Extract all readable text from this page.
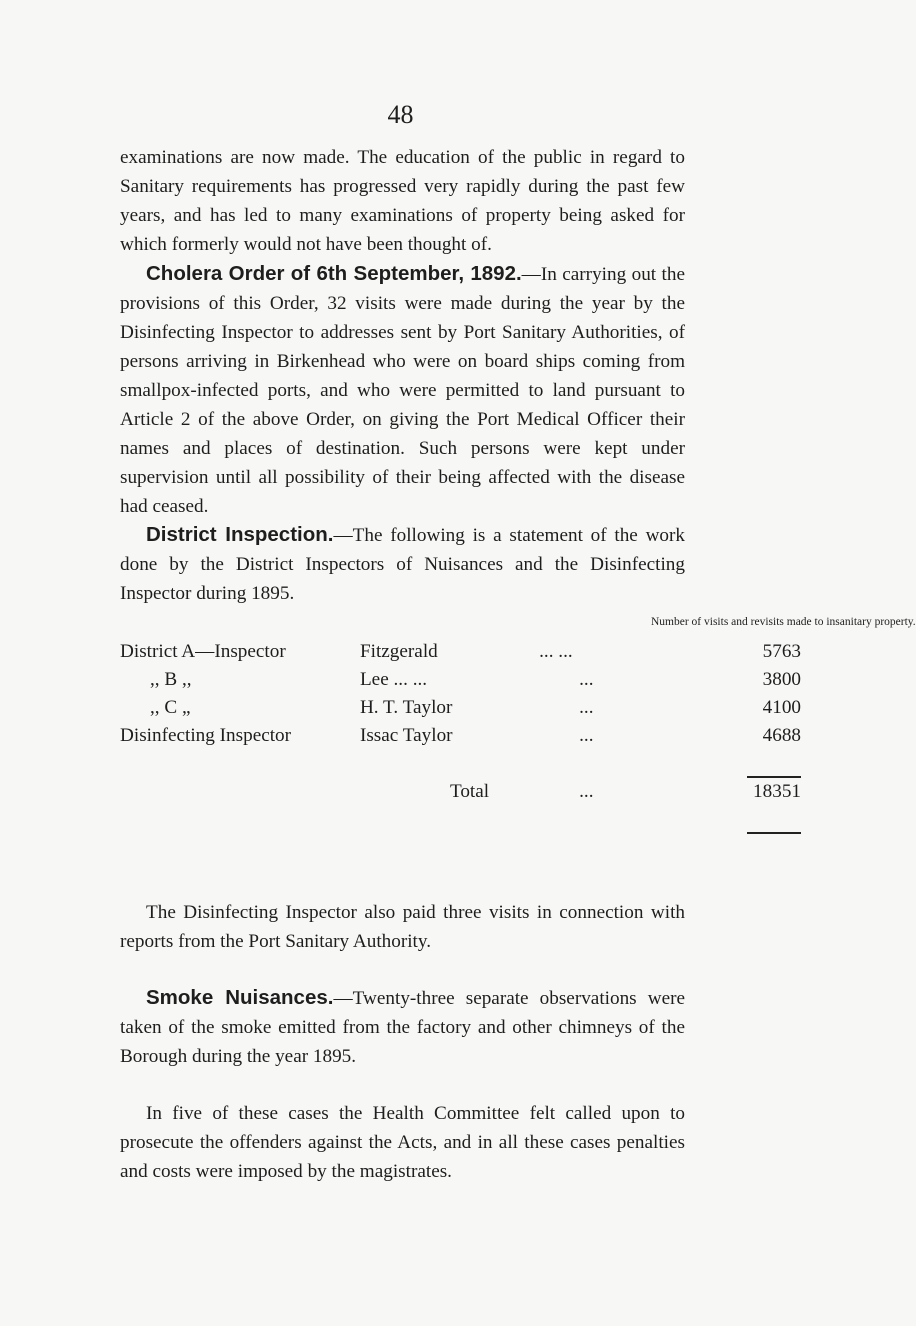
48

examinations are now made. The education of the public in regard to Sanitary requirements has progressed very rapidly during the past few years, and has led to many examinations of property being asked for which formerly would not have been thought of.

Cholera Order of 6th September, 1892.—In carrying out the provisions of this Order, 32 visits were made during the year by the Disinfecting Inspector to addresses sent by Port Sanitary Authorities, of persons arriving in Birkenhead who were on board ships coming from smallpox-infected ports, and who were permitted to land pursuant to Article 2 of the above Order, on giving the Port Medical Officer their names and places of destination. Such persons were kept under supervision until all possibility of their being affected with the disease had ceased.

District Inspection.—The following is a statement of the work done by the District Inspectors of Nuisances and the Disinfecting Inspector during 1895.

		Number of visits and revisits made to insanitary property.	

District A—Inspector	Fitzgerald	... ...	5763
,, B ,,	Lee ... ...	...	3800
,, C „	H. T. Taylor	...	4100
Disinfecting Inspector	Issac Taylor	...	4688

	Total	...	18351

The Disinfecting Inspector also paid three visits in connection with reports from the Port Sanitary Authority.

Smoke Nuisances.—Twenty-three separate observations were taken of the smoke emitted from the factory and other chimneys of the Borough during the year 1895.

In five of these cases the Health Committee felt called upon to prosecute the offenders against the Acts, and in all these cases penalties and costs were imposed by the magistrates.
